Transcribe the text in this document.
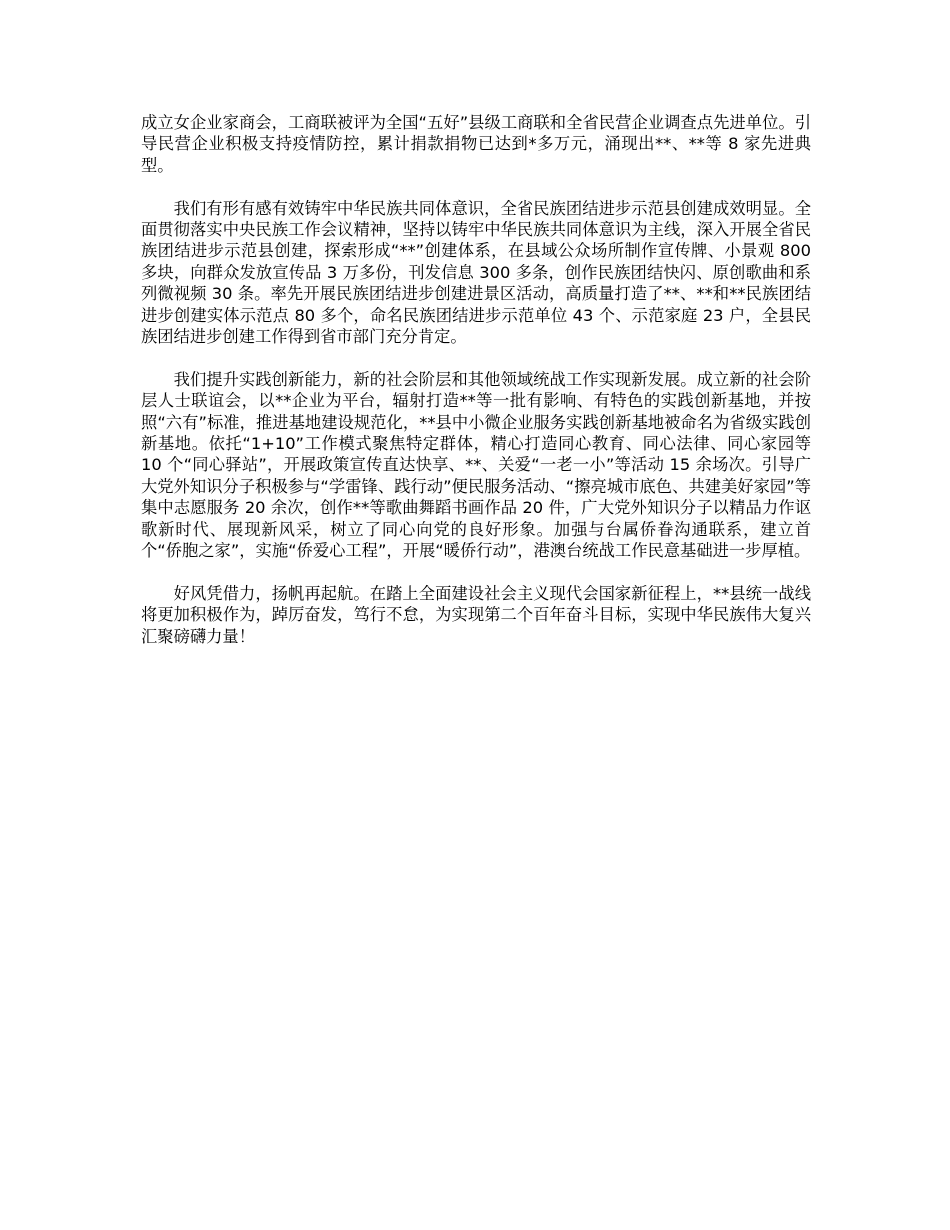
成立女企业家商会，工商联被评为全国“五好”县级工商联和全省民营企业调查点先进单位。引导民营企业积极支持疫情防控，累计捐款捐物已达到*多万元，涌现出**、**等 8 家先进典型。

我们有形有感有效铸牢中华民族共同体意识，全省民族团结进步示范县创建成效明显。全面贯彻落实中央民族工作会议精神，坚持以铸牢中华民族共同体意识为主线，深入开展全省民族团结进步示范县创建，探索形成“**”创建体系，在县域公众场所制作宣传牌、小景观 800 多块，向群众发放宣传品 3 万多份，刊发信息 300 多条，创作民族团结快闪、原创歌曲和系列微视频 30 条。率先开展民族团结进步创建进景区活动，高质量打造了**、**和**民族团结进步创建实体示范点 80 多个，命名民族团结进步示范单位 43 个、示范家庭 23 户，全县民族团结进步创建工作得到省市部门充分肯定。

我们提升实践创新能力，新的社会阶层和其他领域统战工作实现新发展。成立新的社会阶层人士联谊会，以**企业为平台，辐射打造**等一批有影响、有特色的实践创新基地，并按照“六有”标准，推进基地建设规范化，**县中小微企业服务实践创新基地被命名为省级实践创新基地。依托“1+10”工作模式聚焦特定群体，精心打造同心教育、同心法律、同心家园等 10 个“同心驿站”，开展政策宣传直达快享、**、关爱“一老一小”等活动 15 余场次。引导广大党外知识分子积极参与“学雷锋、践行动”便民服务活动、“擦亮城市底色、共建美好家园”等集中志愿服务 20 余次，创作**等歌曲舞蹈书画作品 20 件，广大党外知识分子以精品力作讴歌新时代、展现新风采，树立了同心向党的良好形象。加强与台属侨眷沟通联系，建立首个“侨胞之家”，实施“侨爱心工程”，开展“暖侨行动”，港澳台统战工作民意基础进一步厚植。

好风凭借力，扬帆再起航。在踏上全面建设社会主义现代会国家新征程上，**县统一战线将更加积极作为，踔厉奋发，笃行不怠，为实现第二个百年奋斗目标，实现中华民族伟大复兴汇聚磅礴力量！
